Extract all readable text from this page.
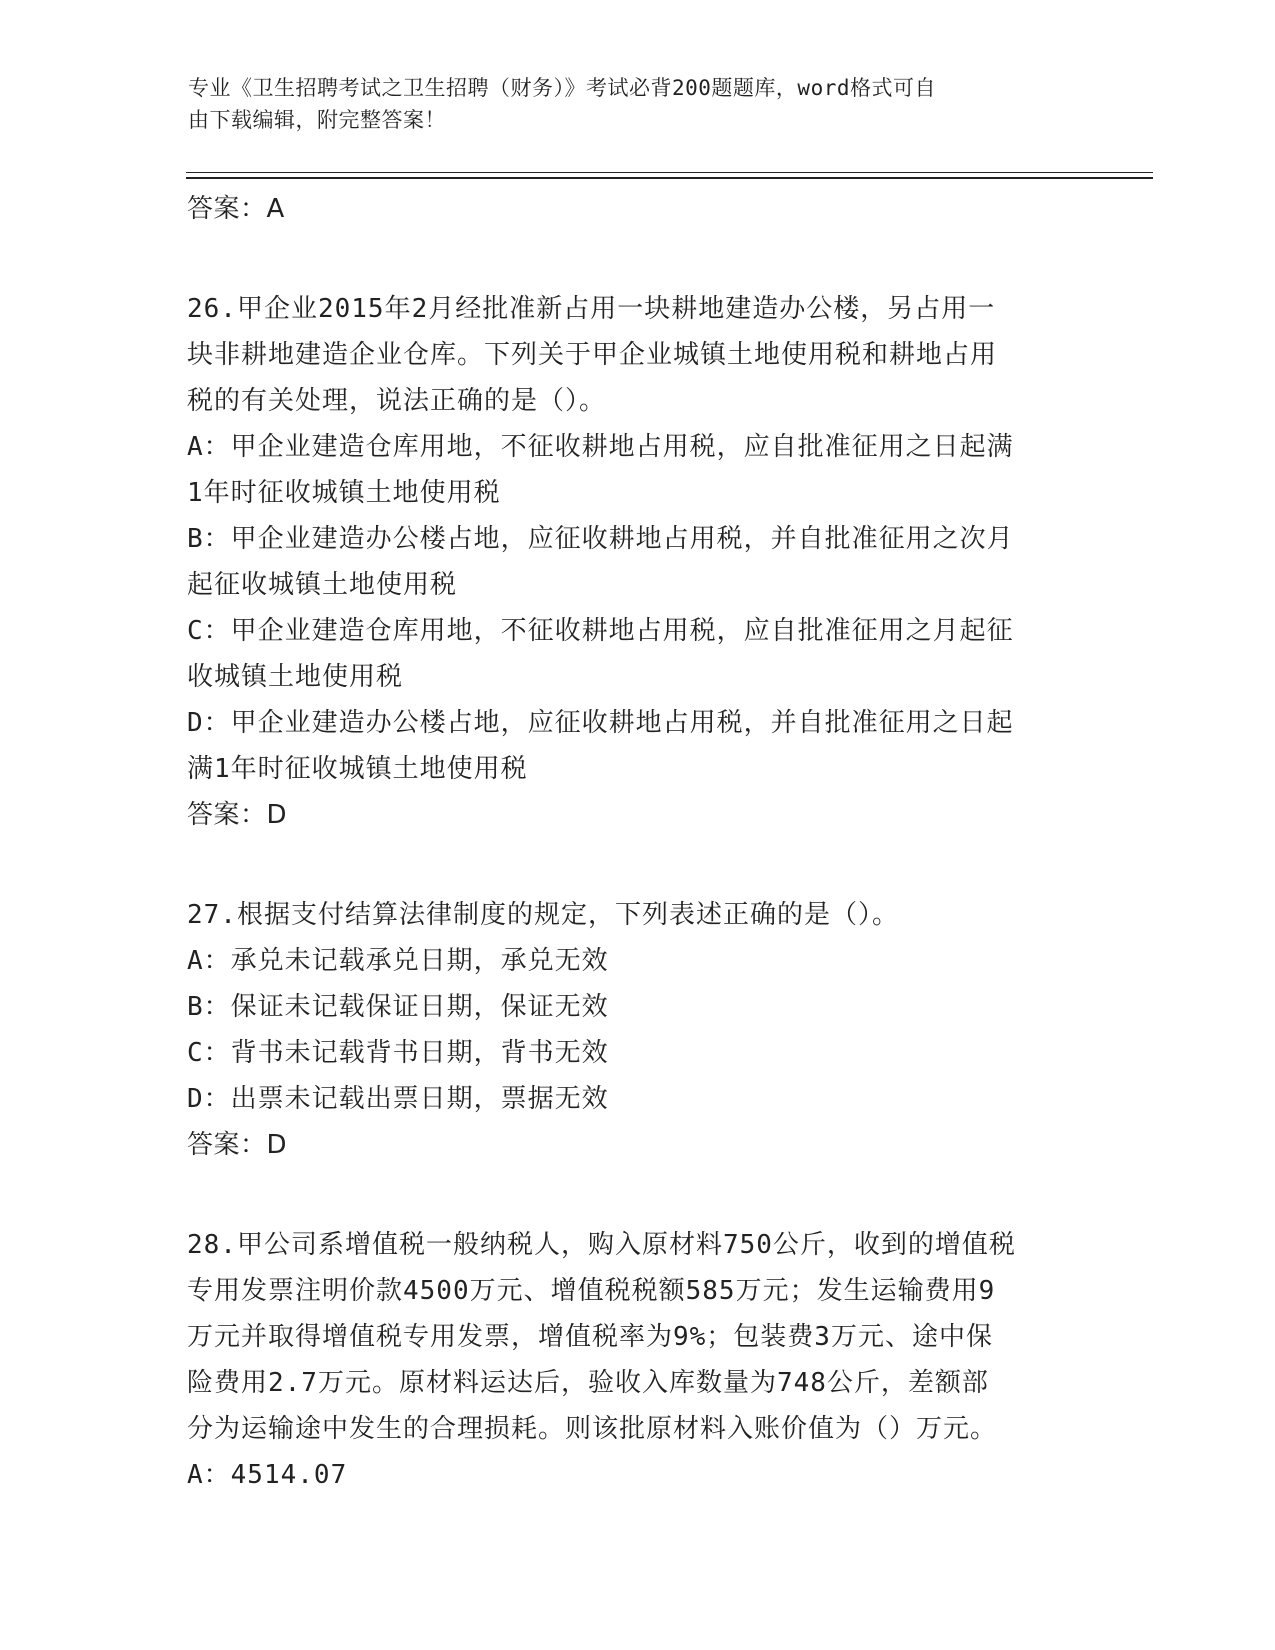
专业《卫生招聘考试之卫生招聘（财务）》考试必背200题题库，word格式可自
由下载编辑，附完整答案！
答案：A
26.甲企业2015年2月经批准新占用一块耕地建造办公楼，另占用一
块非耕地建造企业仓库。下列关于甲企业城镇土地使用税和耕地占用
税的有关处理，说法正确的是（）。
A：甲企业建造仓库用地，不征收耕地占用税，应自批准征用之日起满
1年时征收城镇土地使用税
B：甲企业建造办公楼占地，应征收耕地占用税，并自批准征用之次月
起征收城镇土地使用税
C：甲企业建造仓库用地，不征收耕地占用税，应自批准征用之月起征
收城镇土地使用税
D：甲企业建造办公楼占地，应征收耕地占用税，并自批准征用之日起
满1年时征收城镇土地使用税
答案：D
27.根据支付结算法律制度的规定，下列表述正确的是（）。
A：承兑未记载承兑日期，承兑无效
B：保证未记载保证日期，保证无效
C：背书未记载背书日期，背书无效
D：出票未记载出票日期，票据无效
答案：D
28.甲公司系增值税一般纳税人，购入原材料750公斤，收到的增值税
专用发票注明价款4500万元、增值税税额585万元；发生运输费用9
万元并取得增值税专用发票，增值税率为9%；包装费3万元、途中保
险费用2.7万元。原材料运达后，验收入库数量为748公斤，差额部
分为运输途中发生的合理损耗。则该批原材料入账价值为（）万元。
A：4514.07
